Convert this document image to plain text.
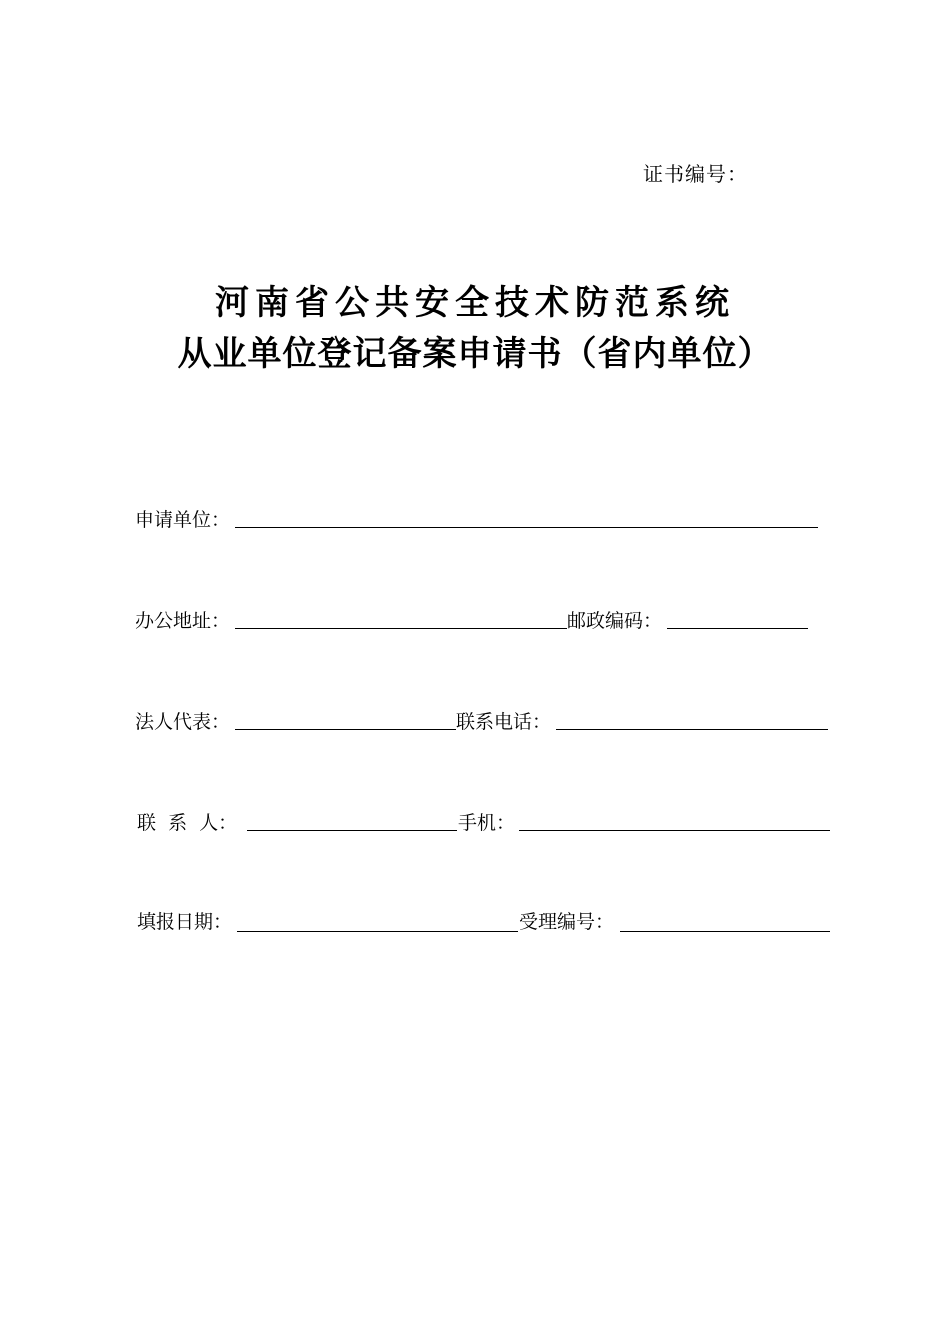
证书编号：
河南省公共安全技术防范系统
从业单位登记备案申请书（省内单位）
申请单位：
办公地址：	邮政编码：
法人代表：	联系电话：
联  系  人：	手机：
填报日期：	受理编号：
